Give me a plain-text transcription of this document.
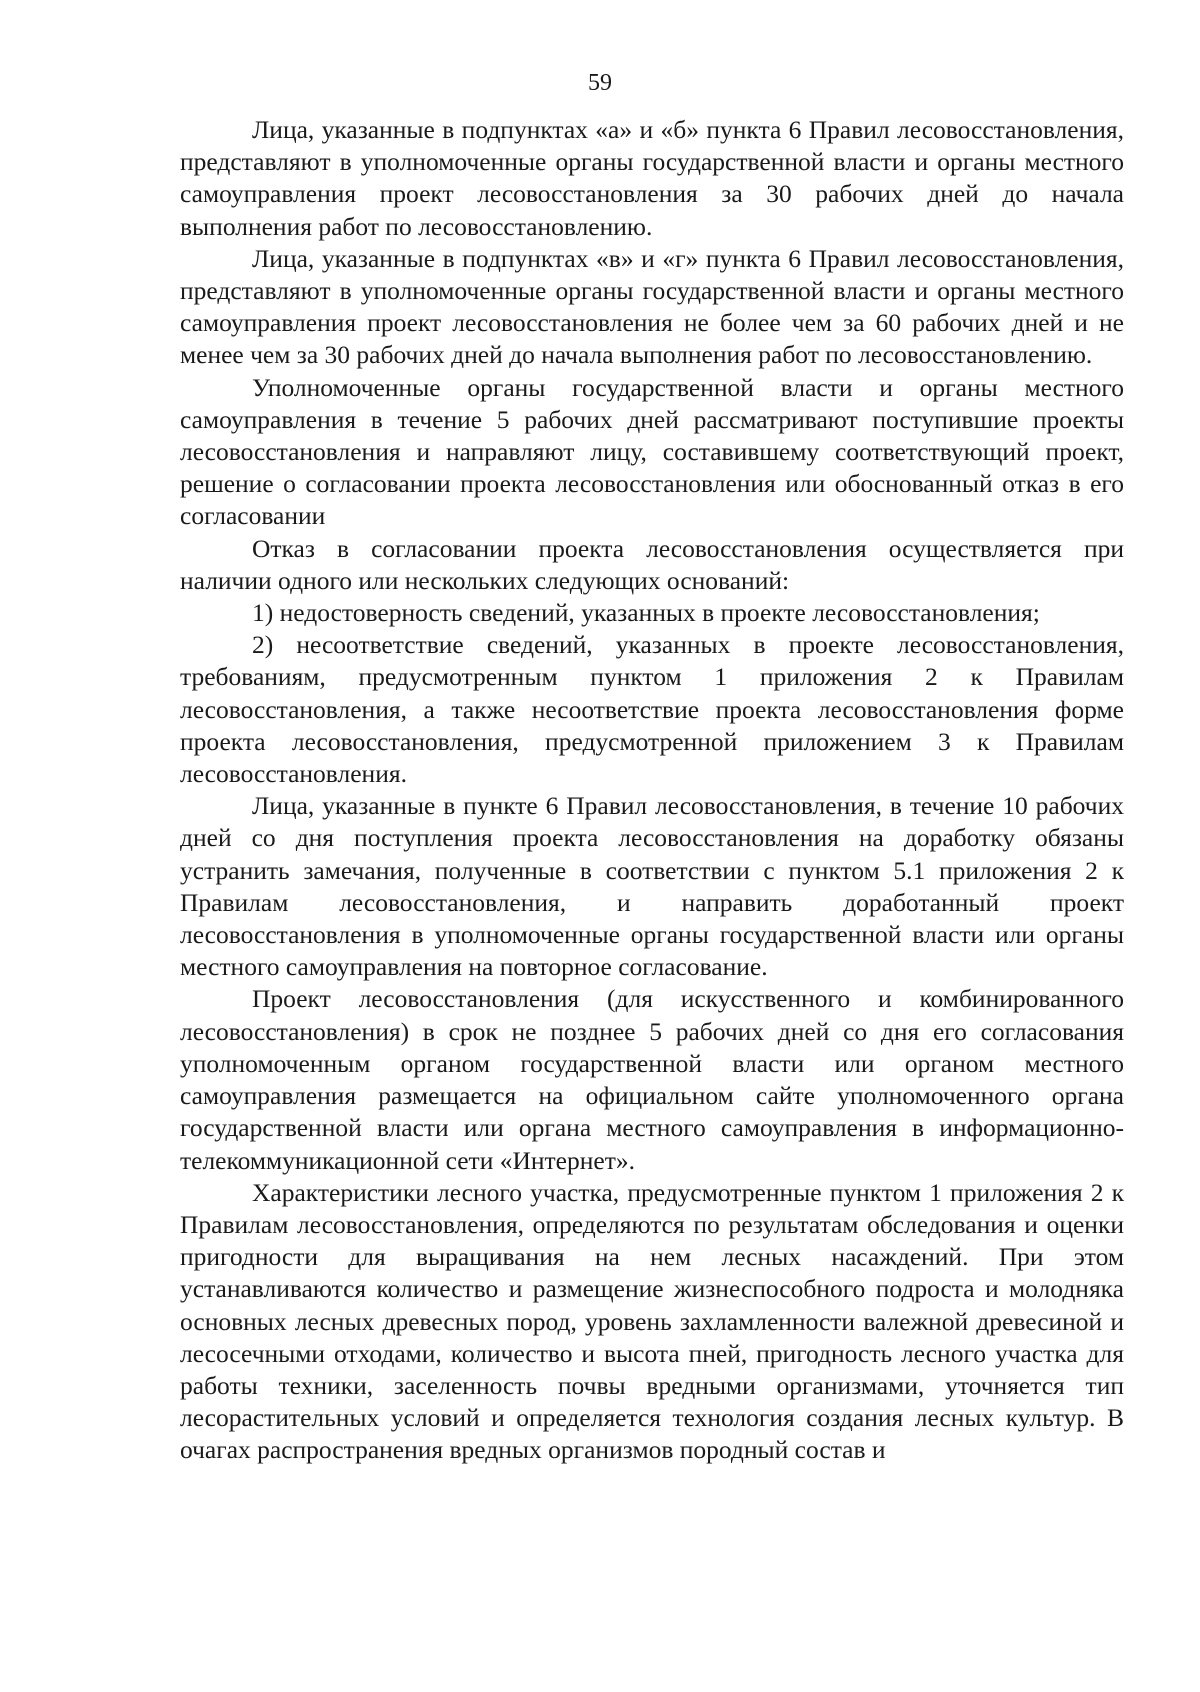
59

Лица, указанные в подпунктах «а» и «б» пункта 6 Правил лесовосстановления, представляют в уполномоченные органы государственной власти и органы местного самоуправления проект лесовосстановления за 30 рабочих дней до начала выполнения работ по лесовосстановлению.

Лица, указанные в подпунктах «в» и «г» пункта 6 Правил лесовосстановления, представляют в уполномоченные органы государственной власти и органы местного самоуправления проект лесовосстановления не более чем за 60 рабочих дней и не менее чем за 30 рабочих дней до начала выполнения работ по лесовосстановлению.

Уполномоченные органы государственной власти и органы местного самоуправления в течение 5 рабочих дней рассматривают поступившие проекты лесовосстановления и направляют лицу, составившему соответствующий проект, решение о согласовании проекта лесовосстановления или обоснованный отказ в его согласовании

Отказ в согласовании проекта лесовосстановления осуществляется при наличии одного или нескольких следующих оснований:

1) недостоверность сведений, указанных в проекте лесовосстановления;

2) несоответствие сведений, указанных в проекте лесовосстановления, требованиям, предусмотренным пунктом 1 приложения 2 к Правилам лесовосстановления, а также несоответствие проекта лесовосстановления форме проекта лесовосстановления, предусмотренной приложением 3 к Правилам лесовосстановления.

Лица, указанные в пункте 6 Правил лесовосстановления, в течение 10 рабочих дней со дня поступления проекта лесовосстановления на доработку обязаны устранить замечания, полученные в соответствии с пунктом 5.1 приложения 2 к Правилам лесовосстановления, и направить доработанный проект лесовосстановления в уполномоченные органы государственной власти или органы местного самоуправления на повторное согласование.

Проект лесовосстановления (для искусственного и комбинированного лесовосстановления) в срок не позднее 5 рабочих дней со дня его согласования уполномоченным органом государственной власти или органом местного самоуправления размещается на официальном сайте уполномоченного органа государственной власти или органа местного самоуправления в информационно-телекоммуникационной сети «Интернет».

Характеристики лесного участка, предусмотренные пунктом 1 приложения 2 к Правилам лесовосстановления, определяются по результатам обследования и оценки пригодности для выращивания на нем лесных насаждений. При этом устанавливаются количество и размещение жизнеспособного подроста и молодняка основных лесных древесных пород, уровень захламленности валежной древесиной и лесосечными отходами, количество и высота пней, пригодность лесного участка для работы техники, заселенность почвы вредными организмами, уточняется тип лесорастительных условий и определяется технология создания лесных культур. В очагах распространения вредных организмов породный состав и
